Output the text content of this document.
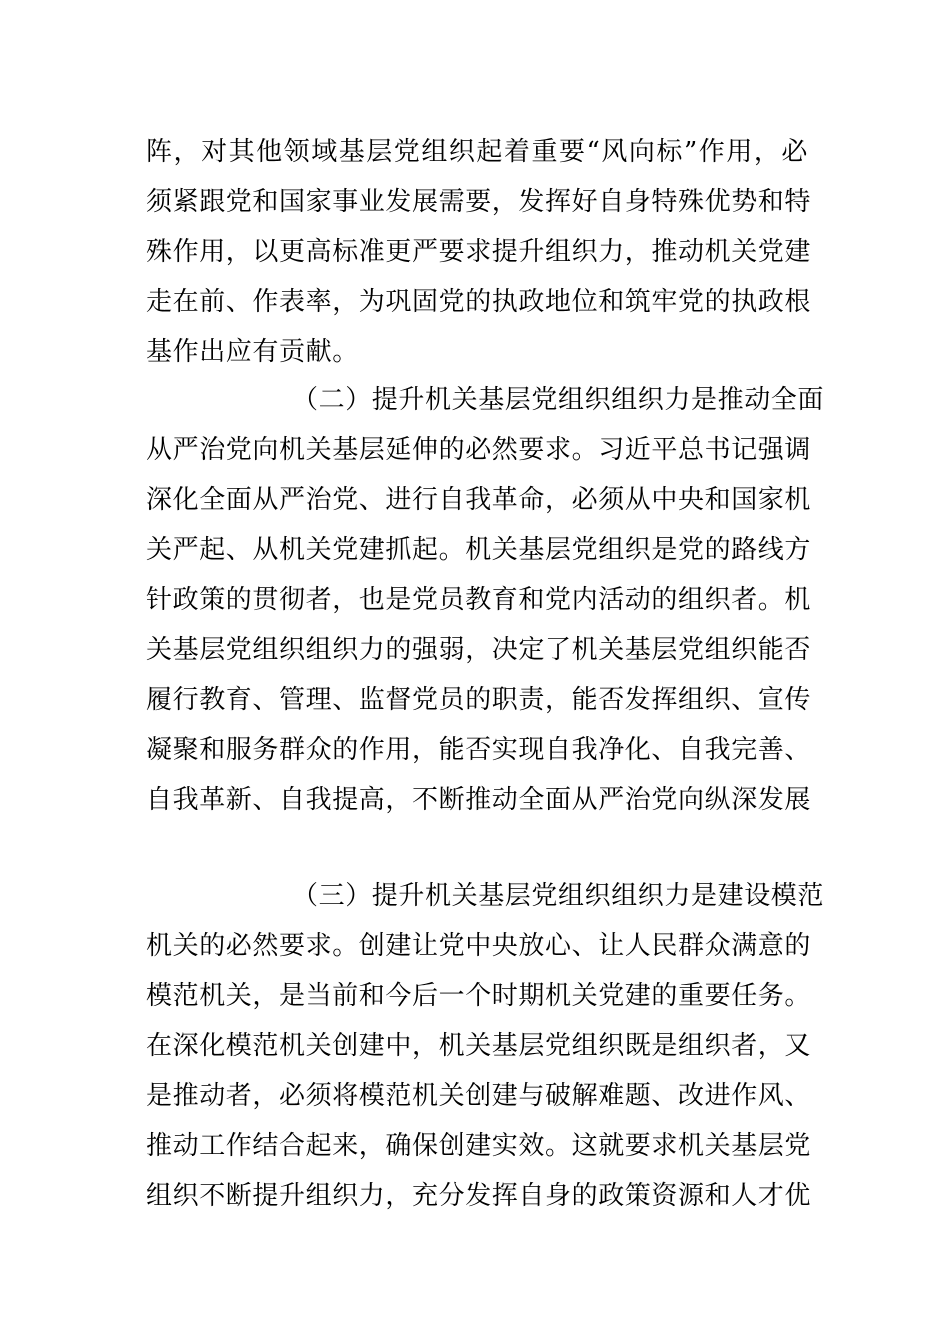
阵，对其他领域基层党组织起着重要“风向标”作用，必
须紧跟党和国家事业发展需要，发挥好自身特殊优势和特
殊作用，以更高标准更严要求提升组织力，推动机关党建
走在前、作表率，为巩固党的执政地位和筑牢党的执政根
基作出应有贡献。
（二）提升机关基层党组织组织力是推动全面
从严治党向机关基层延伸的必然要求。习近平总书记强调
深化全面从严治党、进行自我革命，必须从中央和国家机
关严起、从机关党建抓起。机关基层党组织是党的路线方
针政策的贯彻者，也是党员教育和党内活动的组织者。机
关基层党组织组织力的强弱，决定了机关基层党组织能否
履行教育、管理、监督党员的职责，能否发挥组织、宣传
凝聚和服务群众的作用，能否实现自我净化、自我完善、
自我革新、自我提高，不断推动全面从严治党向纵深发展
（三）提升机关基层党组织组织力是建设模范
机关的必然要求。创建让党中央放心、让人民群众满意的
模范机关，是当前和今后一个时期机关党建的重要任务。
在深化模范机关创建中，机关基层党组织既是组织者，又
是推动者，必须将模范机关创建与破解难题、改进作风、
推动工作结合起来，确保创建实效。这就要求机关基层党
组织不断提升组织力，充分发挥自身的政策资源和人才优
